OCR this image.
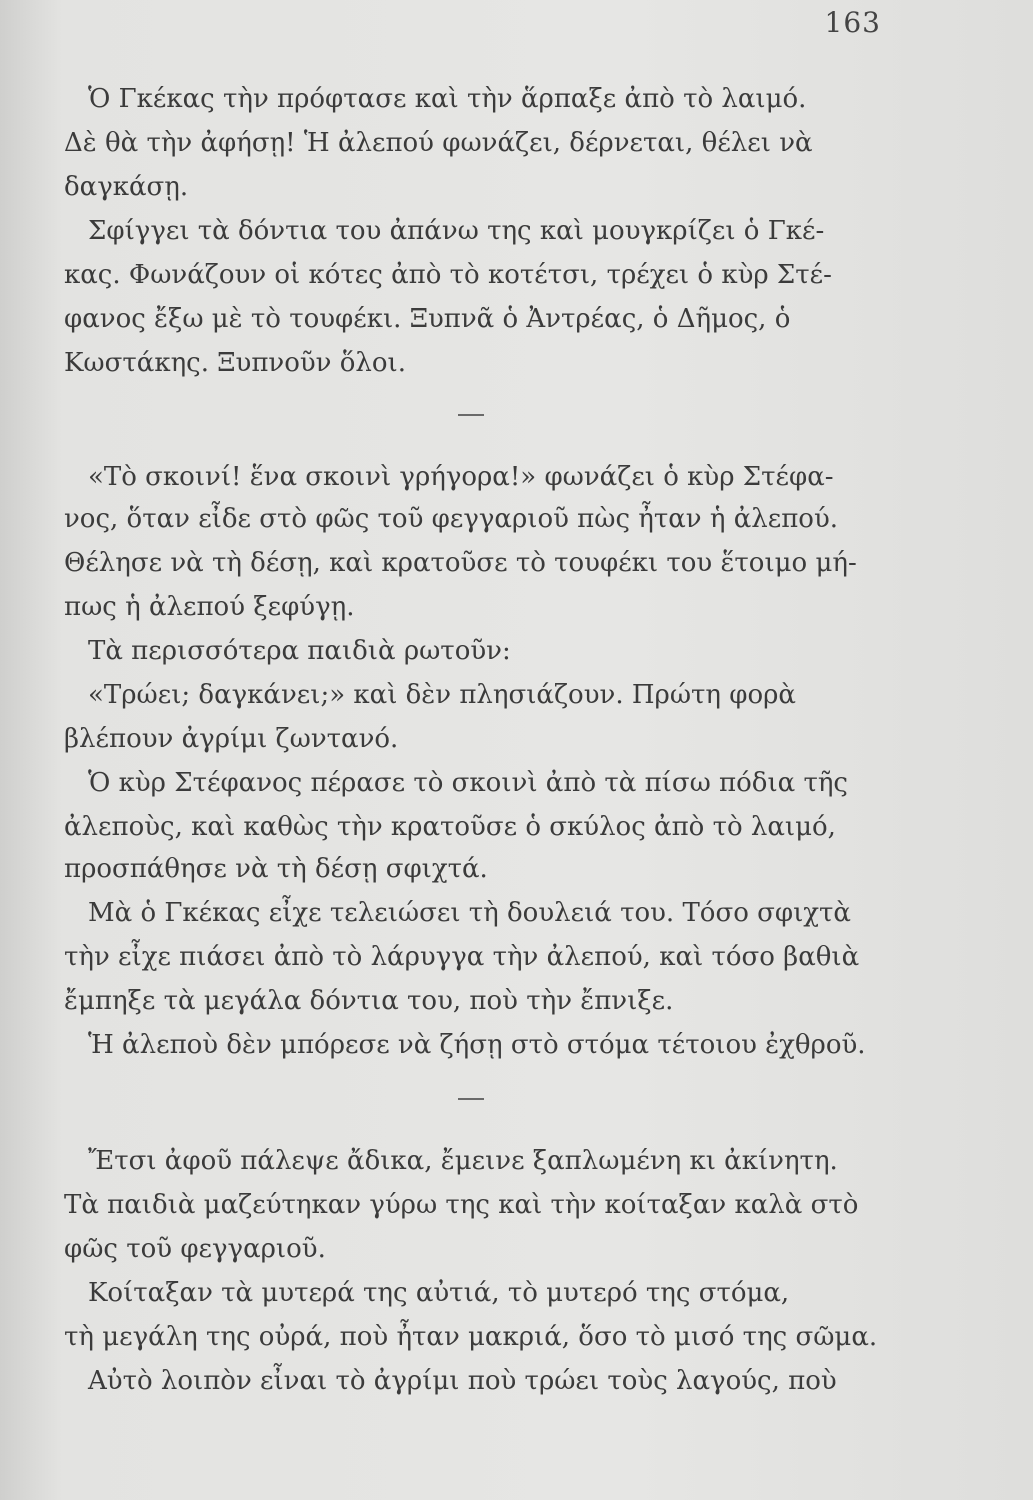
163
Ὁ Γκέκας τὴν πρόφτασε καὶ τὴν ἅρπαξε ἀπὸ τὸ λαιμό.
Δὲ θὰ τὴν ἀφήσῃ! Ἡ ἀλεπού φωνάζει, δέρνεται, θέλει νὰ
δαγκάσῃ.
Σφίγγει τὰ δόντια του ἀπάνω της καὶ μουγκρίζει ὁ Γκέ-
κας. Φωνάζουν οἱ κότες ἀπὸ τὸ κοτέτσι, τρέχει ὁ κὺρ Στέ-
φανος ἔξω μὲ τὸ τουφέκι. Ξυπνᾶ ὁ Ἀντρέας, ὁ Δῆμος, ὁ
Κωστάκης. Ξυπνοῦν ὅλοι.
«Τὸ σκοινί! ἕνα σκοινὶ γρήγορα!» φωνάζει ὁ κὺρ Στέφα-
νος, ὅταν εἶδε στὸ φῶς τοῦ φεγγαριοῦ πὼς ἦταν ἡ ἀλεπού.
Θέλησε νὰ τὴ δέσῃ, καὶ κρατοῦσε τὸ τουφέκι του ἕτοιμο μή-
πως ἡ ἀλεπού ξεφύγῃ.
Τὰ περισσότερα παιδιὰ ρωτοῦν:
«Τρώει; δαγκάνει;» καὶ δὲν πλησιάζουν. Πρώτη φορὰ
βλέπουν ἀγρίμι ζωντανό.
Ὁ κὺρ Στέφανος πέρασε τὸ σκοινὶ ἀπὸ τὰ πίσω πόδια τῆς
ἀλεποὺς, καὶ καθὼς τὴν κρατοῦσε ὁ σκύλος ἀπὸ τὸ λαιμό,
προσπάθησε νὰ τὴ δέσῃ σφιχτά.
Μὰ ὁ Γκέκας εἶχε τελειώσει τὴ δουλειά του. Τόσο σφιχτὰ
τὴν εἶχε πιάσει ἀπὸ τὸ λάρυγγα τὴν ἀλεπού, καὶ τόσο βαθιὰ
ἔμπηξε τὰ μεγάλα δόντια του, ποὺ τὴν ἔπνιξε.
Ἡ ἀλεποὺ δὲν μπόρεσε νὰ ζήσῃ στὸ στόμα τέτοιου ἐχθροῦ.
Ἔτσι ἀφοῦ πάλεψε ἄδικα, ἔμεινε ξαπλωμένη κι ἀκίνητη.
Τὰ παιδιὰ μαζεύτηκαν γύρω της καὶ τὴν κοίταξαν καλὰ στὸ
φῶς τοῦ φεγγαριοῦ.
Κοίταξαν τὰ μυτερά της αὐτιά, τὸ μυτερό της στόμα,
τὴ μεγάλη της οὐρά, ποὺ ἦταν μακριά, ὅσο τὸ μισό της σῶμα.
Αὐτὸ λοιπὸν εἶναι τὸ ἀγρίμι ποὺ τρώει τοὺς λαγούς, ποὺ
